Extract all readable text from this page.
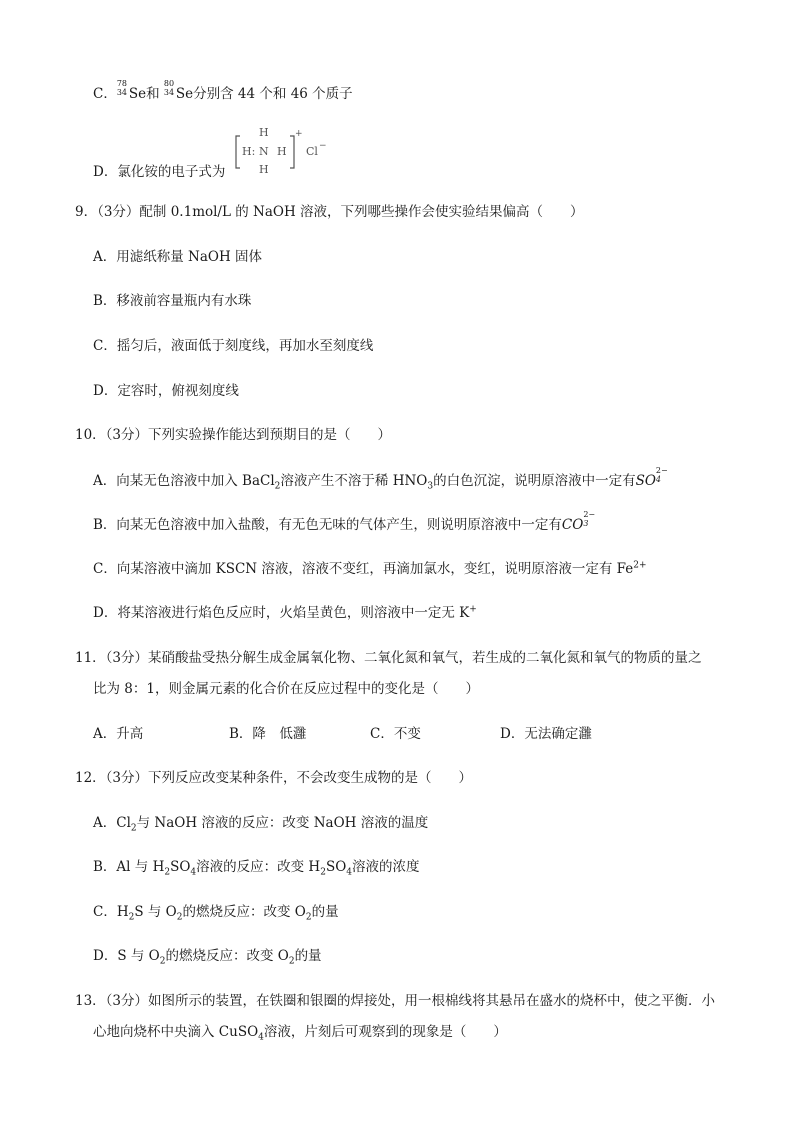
C．
78
34 Se和
80
34 Se分别含 44 个和 46 个质子
D．氯化铵的电子式为
H
H: N H
H
+
Cl −
9．（3分）配制 0.1mol/L 的 NaOH 溶液，下列哪些操作会使实验结果偏高（　　）
A．用滤纸称量 NaOH 固体
B．移液前容量瓶内有水珠
C．摇匀后，液面低于刻度线，再加水至刻度线
D．定容时，俯视刻度线
10．（3分）下列实验操作能达到预期目的是（　　）
A．向某无色溶液中加入 BaCl$_2$溶液产生不溶于稀 $HNO_3$的白色沉淀，说明原溶液中一定有SO
2−
4
B．向某无色溶液中加入盐酸，有无色无味的气体产生，则说明原溶液中一定有CO
2−
3
C．向某溶液中滴加 KSCN 溶液，溶液不变红，再滴加氯水，变红，说明原溶液一定有 $Fe^{2+}$
D．将某溶液进行焰色反应时，火焰呈黄色，则溶液中一定无 K+
11．（3分）某硝酸盐受热分解生成金属氧化物、二氧化氮和氧气，若生成的二氧化氮和氧气的物质的量之
比为 8：1，则金属元素的化合价在反应过程中的变化是（　　）
A．升高	B．降　低灉	C．不变	D．无法确定灉
12．（3分）下列反应改变某种条件，不会改变生成物的是（　　）
A．$Cl_2$与 NaOH 溶液的反应：改变 NaOH 溶液的温度
B．Al 与 $H_2SO_4$溶液的反应：改变 $H_2SO_4$溶液的浓度
C．$H_2S$ 与 $O_2$的燃烧反应：改变 $O_2$的量
D．S 与 $O_2$的燃烧反应：改变 $O_2$的量
13．（3分）如图所示的装置，在铁圈和银圈的焊接处，用一根棉线将其悬吊在盛水的烧杯中，使之平衡．小
心地向烧杯中央滴入 CuSO$_4$溶液，片刻后可观察到的现象是（　　）
